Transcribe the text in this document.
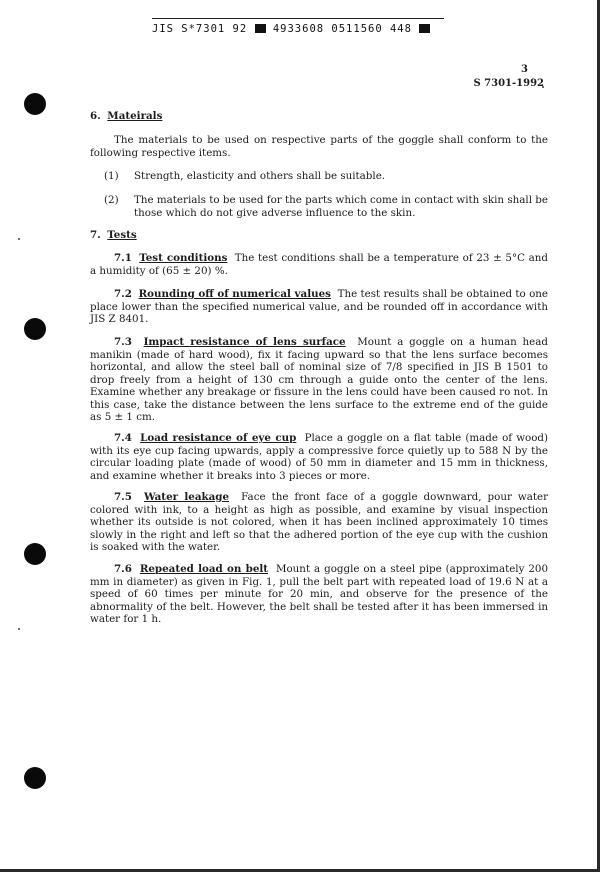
JIS S*7301 92 4933608 0511560 448
3
S 7301-1992
6. Mateirals
The materials to be used on respective parts of the goggle shall conform to the following respective items.
(1)	Strength, elasticity and others shall be suitable.
(2)	The materials to be used for the parts which come in contact with skin shall be those which do not give adverse influence to the skin.
7. Tests
7.1 Test conditions The test conditions shall be a temperature of 23 ± 5°C and a humidity of (65 ± 20) %.
7.2 Rounding off of numerical values The test results shall be obtained to one place lower than the specified numerical value, and be rounded off in accordance with JIS Z 8401.
7.3 Impact resistance of lens surface Mount a goggle on a human head manikin (made of hard wood), fix it facing upward so that the lens surface becomes horizontal, and allow the steel ball of nominal size of 7/8 specified in JIS B 1501 to drop freely from a height of 130 cm through a guide onto the center of the lens. Examine whether any breakage or fissure in the lens could have been caused ro not. In this case, take the distance between the lens surface to the extreme end of the guide as 5 ± 1 cm.
7.4 Load resistance of eye cup Place a goggle on a flat table (made of wood) with its eye cup facing upwards, apply a compressive force quietly up to 588 N by the circular loading plate (made of wood) of 50 mm in diameter and 15 mm in thickness, and examine whether it breaks into 3 pieces or more.
7.5 Water leakage Face the front face of a goggle downward, pour water colored with ink, to a height as high as possible, and examine by visual inspection whether its outside is not colored, when it has been inclined approximately 10 times slowly in the right and left so that the adhered portion of the eye cup with the cushion is soaked with the water.
7.6 Repeated load on belt Mount a goggle on a steel pipe (approximately 200 mm in diameter) as given in Fig. 1, pull the belt part with repeated load of 19.6 N at a speed of 60 times per minute for 20 min, and observe for the presence of the abnormality of the belt. However, the belt shall be tested after it has been immersed in water for 1 h.
